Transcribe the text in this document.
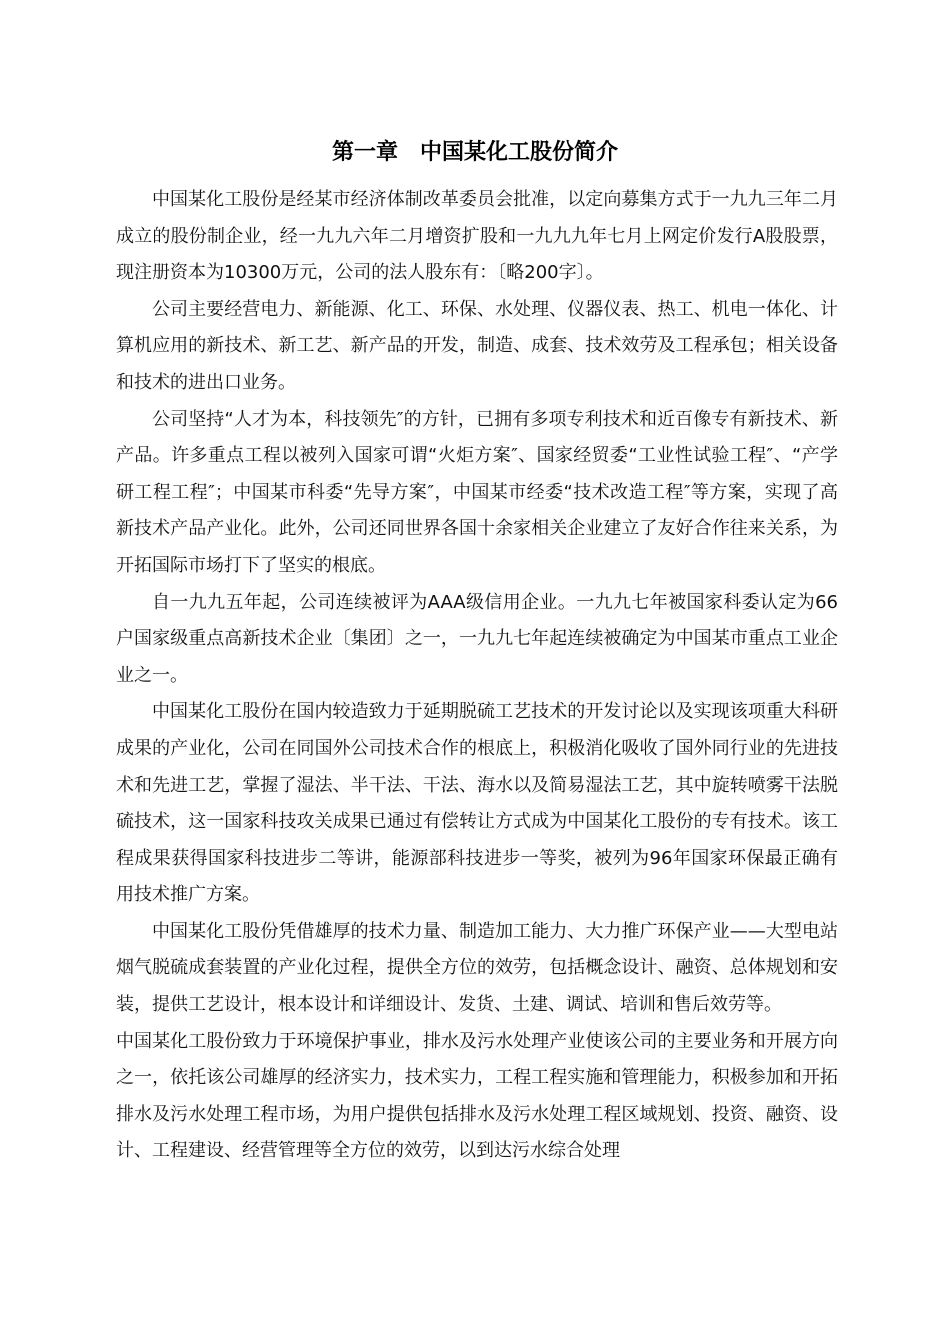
第一章　中国某化工股份简介

中国某化工股份是经某市经济体制改革委员会批准，以定向募集方式于一九九三年二月成立的股份制企业，经一九九六年二月增资扩股和一九九九年七月上网定价发行A股股票，现注册资本为10300万元，公司的法人股东有：〔略200字〕。

公司主要经营电力、新能源、化工、环保、水处理、仪器仪表、热工、机电一体化、计算机应用的新技术、新工艺、新产品的开发，制造、成套、技术效劳及工程承包；相关设备和技术的进出口业务。

公司坚持“人才为本，科技领先″的方针，已拥有多项专利技术和近百像专有新技术、新产品。许多重点工程以被列入国家可谓“火炬方案″、国家经贸委“工业性试验工程″、“产学研工程工程″；中国某市科委“先导方案″，中国某市经委“技术改造工程″等方案，实现了高新技术产品产业化。此外，公司还同世界各国十余家相关企业建立了友好合作往来关系，为开拓国际市场打下了坚实的根底。

自一九九五年起，公司连续被评为AAA级信用企业。一九九七年被国家科委认定为66户国家级重点高新技术企业〔集团〕之一，一九九七年起连续被确定为中国某市重点工业企业之一。

中国某化工股份在国内较造致力于延期脱硫工艺技术的开发讨论以及实现该项重大科研成果的产业化，公司在同国外公司技术合作的根底上，积极消化吸收了国外同行业的先进技术和先进工艺，掌握了湿法、半干法、干法、海水以及简易湿法工艺，其中旋转喷雾干法脱硫技术，这一国家科技攻关成果已通过有偿转让方式成为中国某化工股份的专有技术。该工程成果获得国家科技进步二等讲，能源部科技进步一等奖，被列为96年国家环保最正确有用技术推广方案。

中国某化工股份凭借雄厚的技术力量、制造加工能力、大力推广环保产业——大型电站烟气脱硫成套装置的产业化过程，提供全方位的效劳，包括概念设计、融资、总体规划和安装，提供工艺设计，根本设计和详细设计、发货、土建、调试、培训和售后效劳等。

中国某化工股份致力于环境保护事业，排水及污水处理产业使该公司的主要业务和开展方向之一，依托该公司雄厚的经济实力，技术实力，工程工程实施和管理能力，积极参加和开拓排水及污水处理工程市场，为用户提供包括排水及污水处理工程区域规划、投资、融资、设计、工程建设、经营管理等全方位的效劳，以到达污水综合处理
